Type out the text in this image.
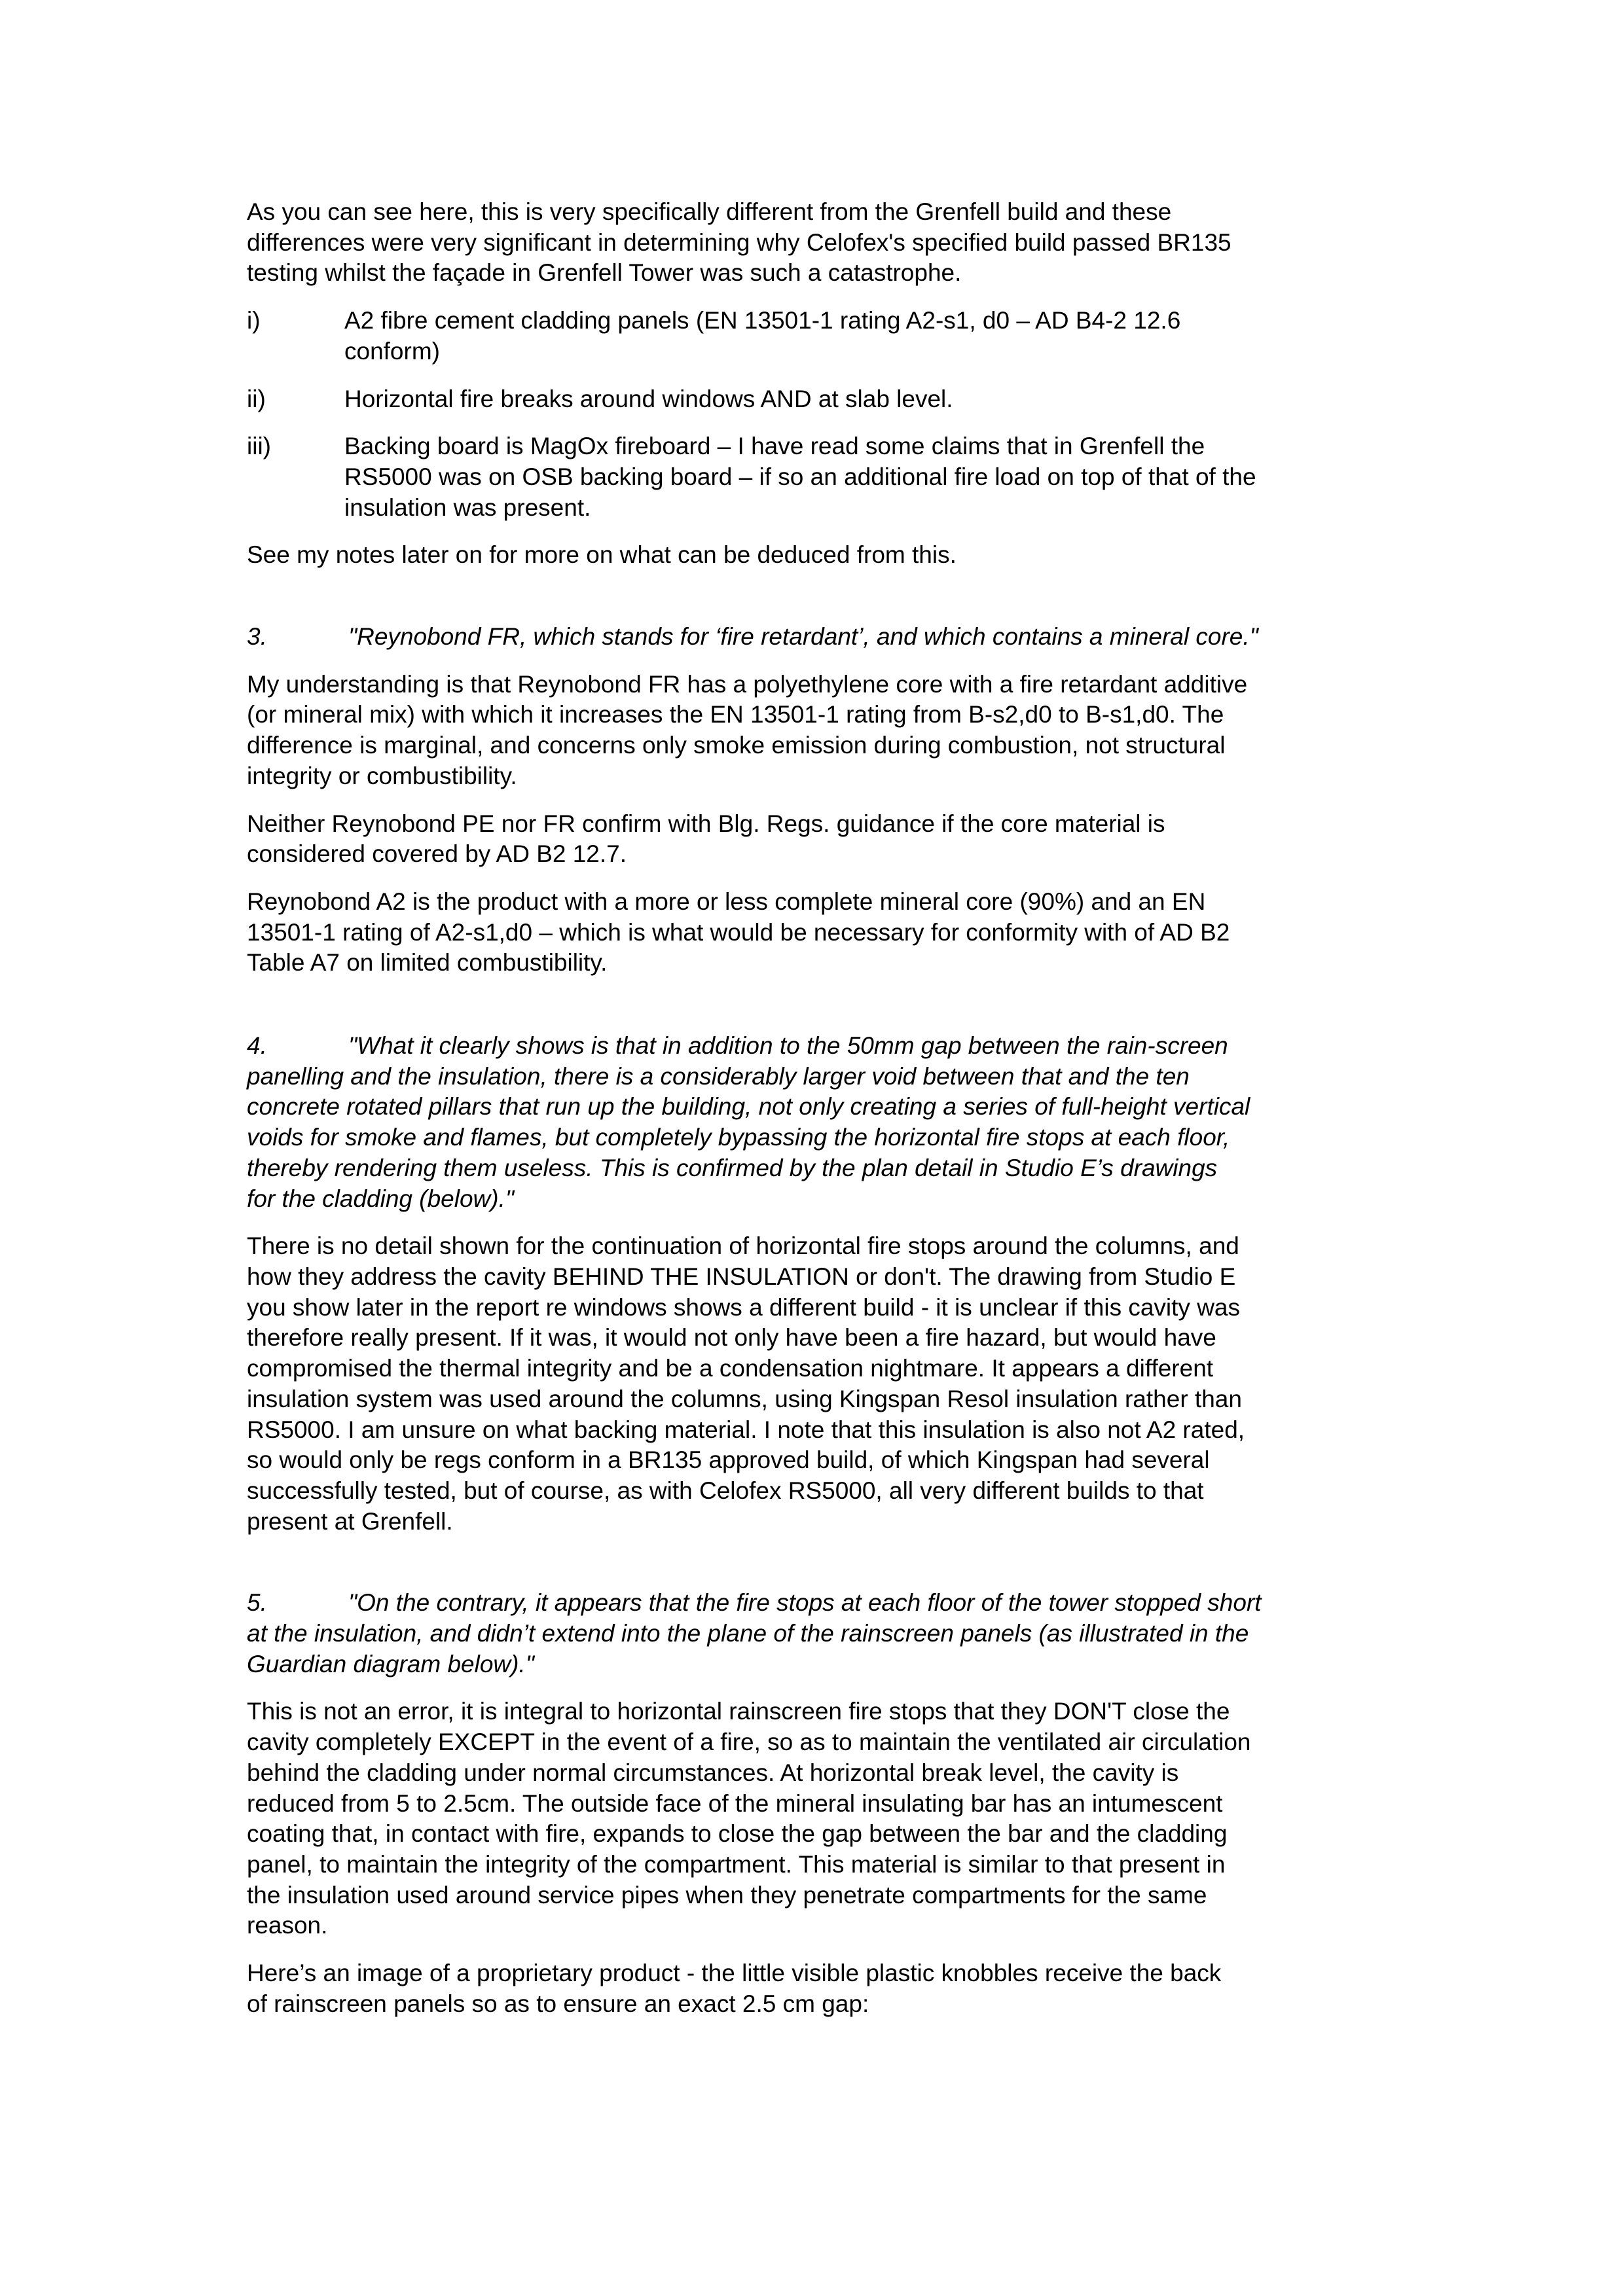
As you can see here, this is very specifically different from the Grenfell build and these
differences were very significant in determining why Celofex's specified build passed BR135
testing whilst the façade in Grenfell Tower was such a catastrophe.

i)	A2 fibre cement cladding panels (EN 13501-1 rating A2-s1, d0 – AD B4-2 12.6
conform)
ii)	Horizontal fire breaks around windows AND at slab level.
iii)	Backing board is MagOx fireboard – I have read some claims that in Grenfell the
RS5000 was on OSB backing board – if so an additional fire load on top of that of the
insulation was present.

See my notes later on for more on what can be deduced from this.

3.	"Reynobond FR, which stands for ‘fire retardant’, and which contains a mineral core."

My understanding is that Reynobond FR has a polyethylene core with a fire retardant additive
(or mineral mix) with which it increases the EN 13501-1 rating from B-s2,d0 to B-s1,d0. The
difference is marginal, and concerns only smoke emission during combustion, not structural
integrity or combustibility.

Neither Reynobond PE nor FR confirm with Blg. Regs. guidance if the core material is
considered covered by AD B2 12.7.

Reynobond A2 is the product with a more or less complete mineral core (90%) and an EN
13501-1 rating of A2-s1,d0 – which is what would be necessary for conformity with of AD B2
Table A7 on limited combustibility.

4.	"What it clearly shows is that in addition to the 50mm gap between the rain-screen
panelling and the insulation, there is a considerably larger void between that and the ten
concrete rotated pillars that run up the building, not only creating a series of full-height vertical
voids for smoke and flames, but completely bypassing the horizontal fire stops at each floor,
thereby rendering them useless. This is confirmed by the plan detail in Studio E’s drawings
for the cladding (below)."

There is no detail shown for the continuation of horizontal fire stops around the columns, and
how they address the cavity BEHIND THE INSULATION or don't. The drawing from Studio E
you show later in the report re windows shows a different build - it is unclear if this cavity was
therefore really present. If it was, it would not only have been a fire hazard, but would have
compromised the thermal integrity and be a condensation nightmare. It appears a different
insulation system was used around the columns, using Kingspan Resol insulation rather than
RS5000. I am unsure on what backing material. I note that this insulation is also not A2 rated,
so would only be regs conform in a BR135 approved build, of which Kingspan had several
successfully tested, but of course, as with Celofex RS5000, all very different builds to that
present at Grenfell.

5.	"On the contrary, it appears that the fire stops at each floor of the tower stopped short
at the insulation, and didn’t extend into the plane of the rainscreen panels (as illustrated in the
Guardian diagram below)."

This is not an error, it is integral to horizontal rainscreen fire stops that they DON'T close the
cavity completely EXCEPT in the event of a fire, so as to maintain the ventilated air circulation
behind the cladding under normal circumstances. At horizontal break level, the cavity is
reduced from 5 to 2.5cm. The outside face of the mineral insulating bar has an intumescent
coating that, in contact with fire, expands to close the gap between the bar and the cladding
panel, to maintain the integrity of the compartment. This material is similar to that present in
the insulation used around service pipes when they penetrate compartments for the same
reason.

Here’s an image of a proprietary product - the little visible plastic knobbles receive the back
of rainscreen panels so as to ensure an exact 2.5 cm gap:
